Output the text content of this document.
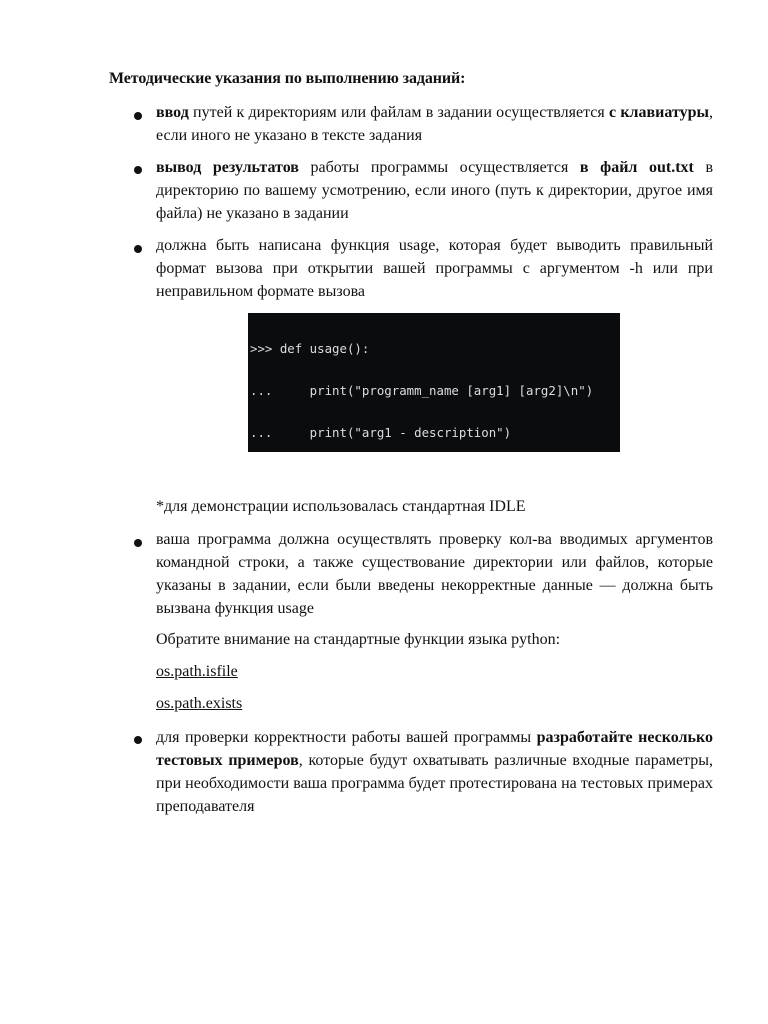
Методические указания по выполнению заданий:
ввод путей к директориям или файлам в задании осуществляется с клавиатуры, если иного не указано в тексте задания
вывод результатов работы программы осуществляется в файл out.txt в директорию по вашему усмотрению, если иного (путь к директории, другое имя файла) не указано в задании
должна быть написана функция usage, которая будет выводить правильный формат вызова при открытии вашей программы с аргументом -h или при неправильном формате вызова

>>> def usage():

...     print("programm_name [arg1] [arg2]\n")

...     print("arg1 - description")

*для демонстрации использовалась стандартная IDLE
ваша программа должна осуществлять проверку кол-ва вводимых аргументов командной строки, а также существование директории или файлов, которые указаны в задании, если были введены некорректные данные — должна быть вызвана функция usage
Обратите внимание на стандартные функции языка python:
os.path.isfile
os.path.exists
для проверки корректности работы вашей программы разработайте несколько тестовых примеров, которые будут охватывать различные входные параметры, при необходимости ваша программа будет протестирована на тестовых примерах преподавателя
